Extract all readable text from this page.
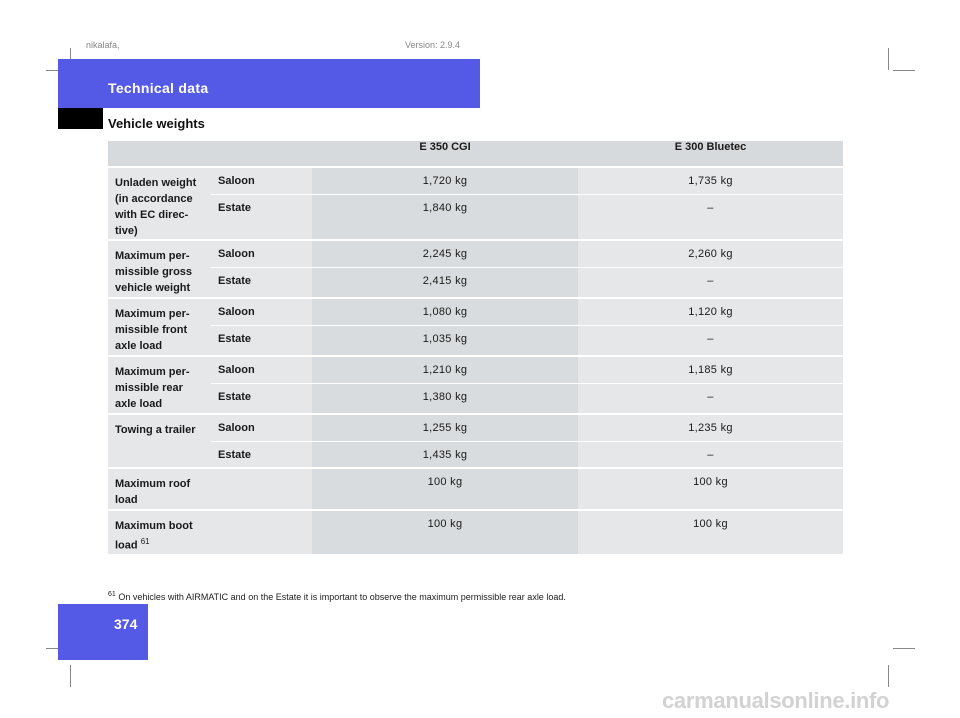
nikalafa,	Version: 2.9.4
Technical data
Vehicle weights
		E 350 CGI	E 300 Bluetec
Unladen weight (in accordance with EC direc-tive)	Saloon	1,720 kg	1,735 kg
	Estate	1,840 kg	–
Maximum per-missible gross vehicle weight	Saloon	2,245 kg	2,260 kg
	Estate	2,415 kg	–
Maximum per-missible front axle load	Saloon	1,080 kg	1,120 kg
	Estate	1,035 kg	–
Maximum per-missible rear axle load	Saloon	1,210 kg	1,185 kg
	Estate	1,380 kg	–
Towing a trailer	Saloon	1,255 kg	1,235 kg
	Estate	1,435 kg	–
Maximum roof load		100 kg	100 kg
Maximum boot load $^{61}$		100 kg	100 kg
$^{61}$ On vehicles with AIRMATIC and on the Estate it is important to observe the maximum permissible rear axle load.
374
carmanualsonline.info
